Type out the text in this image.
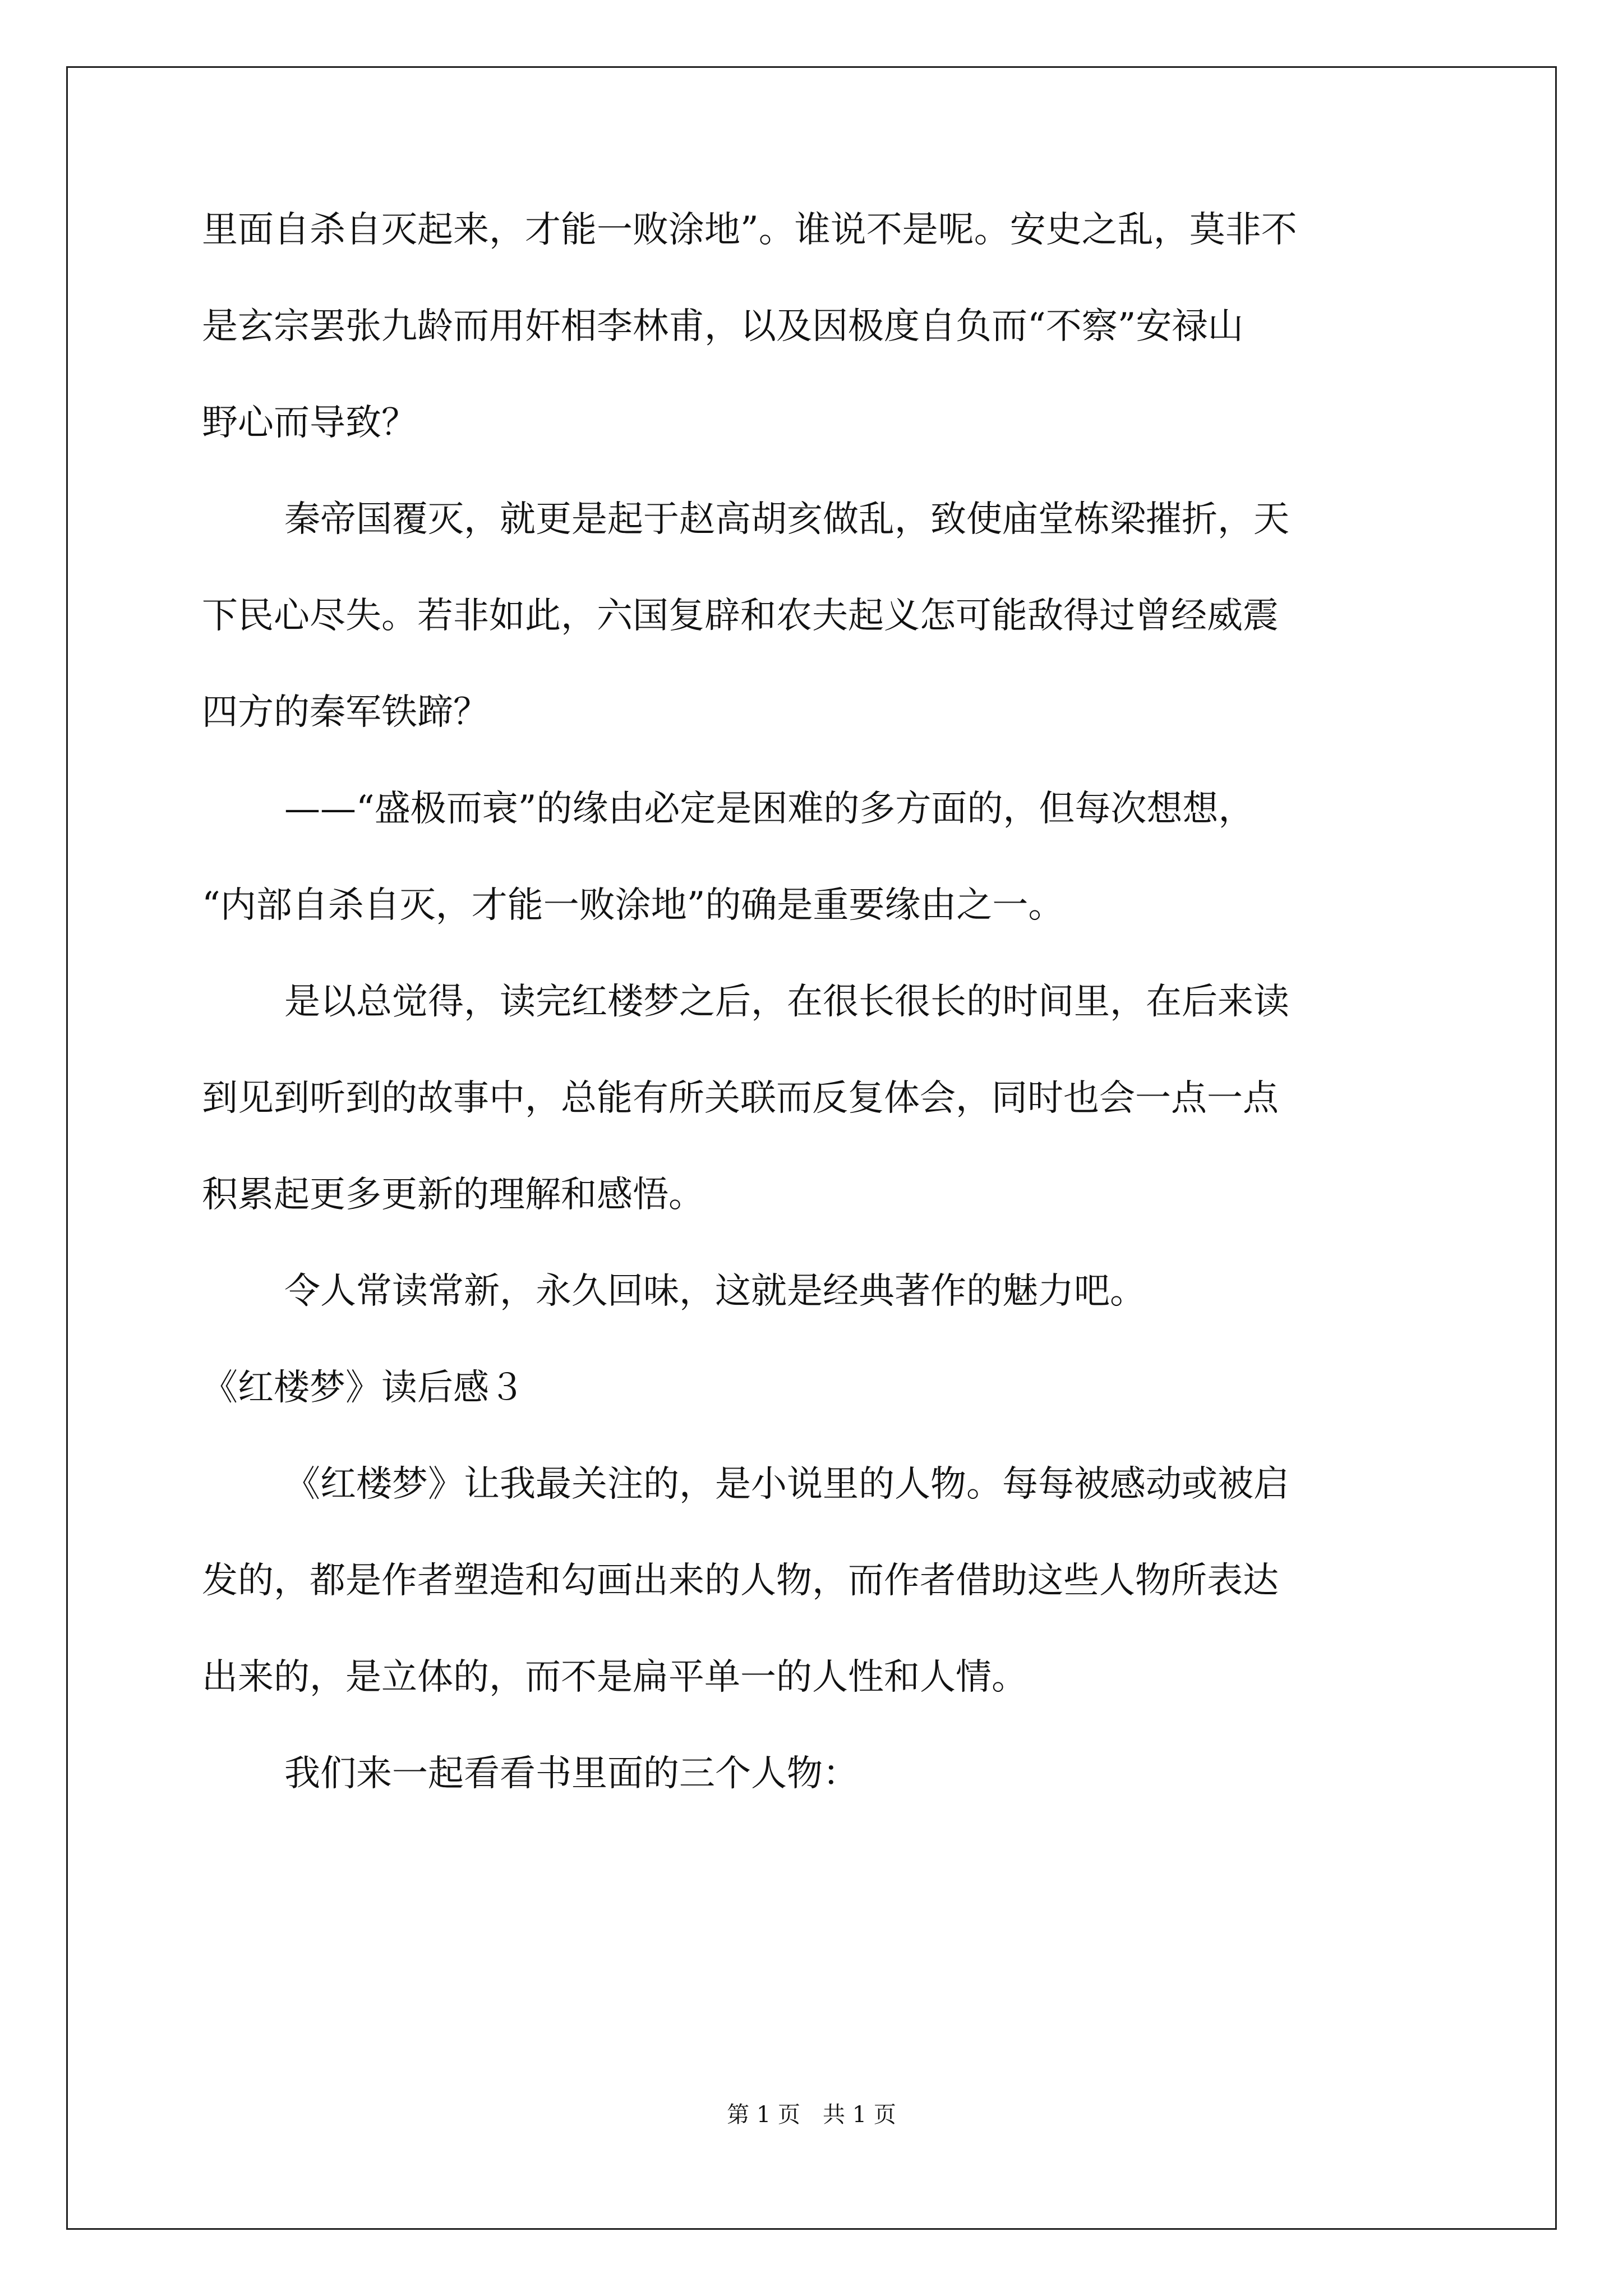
里面自杀自灭起来，才能一败涂地”。谁说不是呢。安史之乱，莫非不
是玄宗罢张九龄而用奸相李林甫，以及因极度自负而“不察”安禄山
野心而导致？
秦帝国覆灭，就更是起于赵高胡亥做乱，致使庙堂栋梁摧折，天
下民心尽失。若非如此，六国复辟和农夫起义怎可能敌得过曾经威震
四方的秦军铁蹄？
——“盛极而衰”的缘由必定是困难的多方面的，但每次想想，
“内部自杀自灭，才能一败涂地”的确是重要缘由之一。
是以总觉得，读完红楼梦之后，在很长很长的时间里，在后来读
到见到听到的故事中，总能有所关联而反复体会，同时也会一点一点
积累起更多更新的理解和感悟。
令人常读常新，永久回味，这就是经典著作的魅力吧。
《红楼梦》读后感３
《红楼梦》让我最关注的，是小说里的人物。每每被感动或被启
发的，都是作者塑造和勾画出来的人物，而作者借助这些人物所表达
出来的，是立体的，而不是扁平单一的人性和人情。
我们来一起看看书里面的三个人物：
第 1 页　共 1 页
